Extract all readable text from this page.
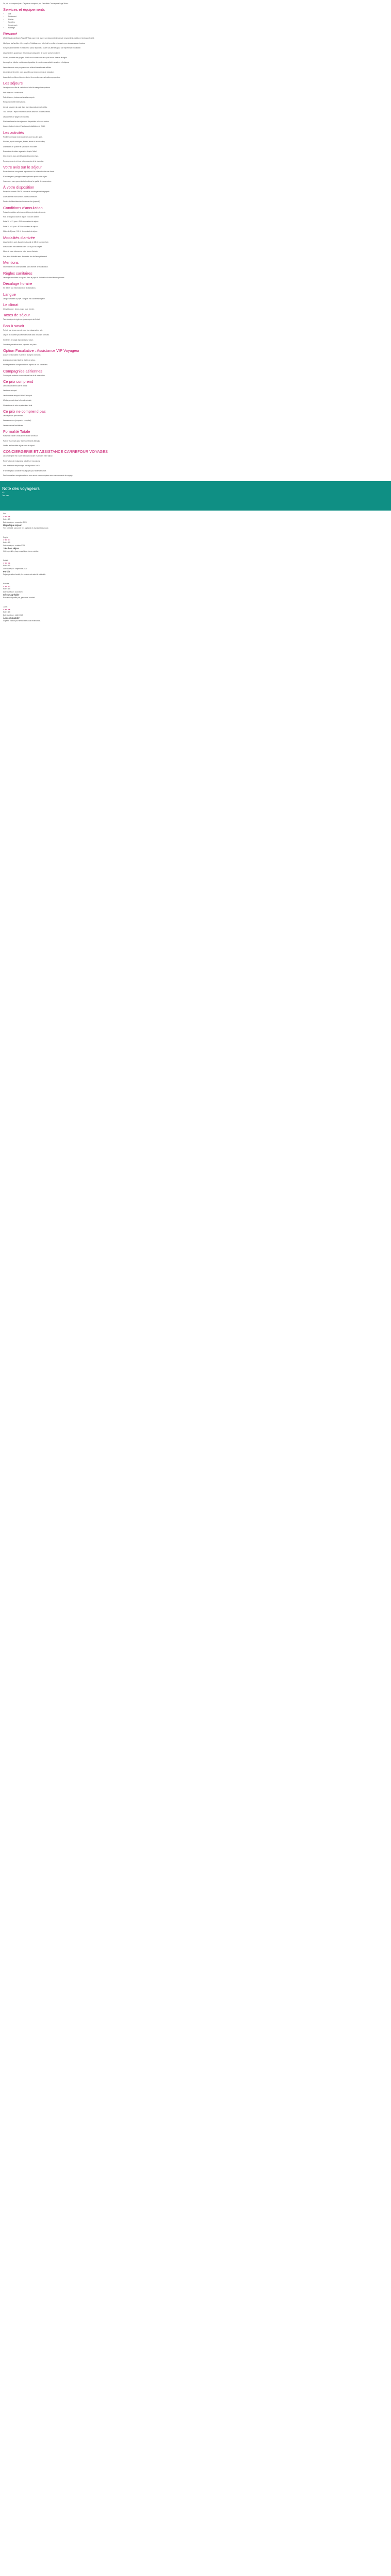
Ce prix ne comprend pas : Ce prix ne comprend pas Formalités Conciergerie Loge Vidéo...

Services et équipements
• Wifi
• Restaurant
• Piscine
• Navettes
• Conciergerie
• Massage
Résumé

L'hôtel Hacienda Beach Resort 5* Spa vous invite à vivre un séjour détente dans le respect de la tradition et de la convivialité.

Idéal pour les familles et les couples, l'établissement offre tout le confort nécessaire pour des vacances réussies.

Son personnel attentif et chaleureux saura répondre à toutes vos attentes pour une expérience inoubliable.

Les chambres spacieuses et lumineuses disposent de tout le confort moderne.

Situé à proximité des plages, l'hôtel vous donne accès aux plus beaux sites de la région.

Le complexe hôtelier met à votre disposition de nombreuses activités sportives et ludiques.

Les restaurants vous proposent une cuisine internationale raffinée.

Le centre de bien-être vous accueille pour des moments de relaxation.

Les enfants profiteront du mini-club et des nombreuses animations proposées.

Les séjours

Le séjour vous offre le confort d'un hôtel de catégorie supérieure.

Petit-déjeuner : buffet varié.

Petit-déjeuner, boissons et snacks compris.

Restaurant buffet international.

Le soir, service à la carte dans les restaurants de spécialités.

Tout compris : repas et boissons servis selon les horaires définis.

Les activités de plage sont incluses.

Plusieurs formules de séjour sont disponibles selon vos envies.

Les prestations incluent l'accès aux installations de l'hôtel.

Les activités

Profitez d'un large choix d'activités pour tous les âges.

Piscines, sports nautiques, fitness, tennis et beach-volley.

Animations en journée et spectacles en soirée.

Excursions et visites organisées depuis l'hôtel.

Club enfants avec activités adaptées selon l'âge.

Renseignements et réservations auprès de la réception.

Votre avis sur le séjour

Nous attachons une grande importance à la satisfaction de nos clients.

N'hésitez pas à partager votre expérience après votre séjour.

Vos retours nous permettent d'améliorer la qualité de nos services.

À votre disposition

Réception ouverte 24h/24, service de conciergerie et bagagerie.

Accès Internet Wifi dans les parties communes.

Service de blanchisserie et room service (payants).

Conditions d'annulation

Frais d'annulation selon les conditions générales de vente.

Plus de 30 jours avant le départ : frais de dossier.

Entre 30 et 21 jours : 25 % du montant du séjour.

Entre 20 et 8 jours : 50 % du montant du séjour.

Moins de 8 jours : 100 % du montant du séjour.

Modalités d'arrivée

Les chambres sont disponibles à partir de 15h le jour d'arrivée.

Elles doivent être libérées avant 12h le jour du départ.

Merci de nous informer de votre heure d'arrivée.

Une pièce d'identité sera demandée lors de l'enregistrement.

Mentions

Informations non contractuelles, sous réserve de modification.

Règles sanitaires

Les règles sanitaires en vigueur dans le pays de destination doivent être respectées.

Décalage horaire

Se référer aux informations de la destination.

Langue

Langue officielle du pays ; l'anglais est couramment parlé.

Le climat

Climat tropical : temps chaud toute l'année.

Taxes de séjour

Taxe de séjour à régler sur place auprès de l'hôtel.

Bon à savoir

Prévoir une tenue correcte pour les restaurants le soir.

Le port du bracelet peut être demandé dans certaines formules.

Serviettes de plage disponibles sur place.

Certaines prestations sont payantes sur place.

Option Facultative : Assistance VIP Voyageur

Accueil personnalisé et prise en charge à l'aéroport.

Assistance pendant toute la durée du séjour.

Renseignements complémentaires auprès de nos conseillers.

Compagnies aériennes

Compagnie aérienne communiquée lors de la réservation.

Ce prix comprend

Le transport aérien aller et retour.

Les taxes aéroport.

Les transferts aéroport / hôtel / aéroport.

L'hébergement dans la formule choisie.

L'assistance de notre représentant local.

Ce prix ne comprend pas

Les dépenses personnelles.

Les assurances (proposées en option).

Les excursions facultatives.

Formalité Totale

Passeport valide 6 mois après la date de retour.

Pas de visa requis pour les ressortissants français.

Vérifier les formalités à jour avant le départ.

CONCIERGERIE ET ASSISTANCE CARREFOUR VOYAGES

La conciergerie est à votre disposition avant et pendant votre séjour.

Réservation de restaurants, activités et excursions.

Une assistance téléphonique est disponible 24h/24.

N'hésitez pas à contacter nos équipes pour toute demande.

Des informations complémentaires vous seront communiquées avec vos documents de voyage.

Note des voyageurs
4,5
Très bien
Eric
★★★★★
Note : 5/5
Date du séjour : novembre 2023
Magnifique séjour
Très bel hôtel, personnel très agréable et chambre très propre.
Sophie
★★★★☆
Note : 4/5
Date du séjour : octobre 2023
Très bon séjour
Hôtel agréable, plage magnifique, bonne cuisine.
Patrick
★★★★★
Note : 5/5
Date du séjour : septembre 2023
Parfait
Séjour parfait en famille, les enfants ont adoré le mini-club.
Nathalie
★★★★☆
Note : 4/5
Date du séjour : août 2023
Séjour agréable
Bon rapport qualité-prix, personnel souriant.
Julien
★★★★★
Note : 5/5
Date du séjour : juillet 2023
À recommander
Superbe endroit pour se reposer, nous reviendrons.
